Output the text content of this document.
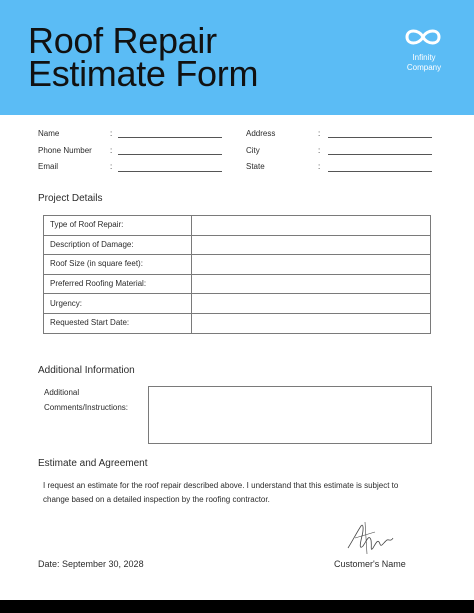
Roof Repair
Estimate Form	Infinity
Company
Name	:
Phone Number :
Email	:
Address	:
City	:
State	:
Project Details
Type of Roof Repair:	
Description of Damage:	
Roof Size (in square feet):	
Preferred Roofing Material:	
Urgency:	
Requested Start Date:	
Additional Information
Additional
Comments/Instructions:
Estimate and Agreement
I request an estimate for the roof repair described above. I understand that this estimate is subject to change based on a detailed inspection by the roofing contractor.
Date: September 30, 2028	Customer's Name
